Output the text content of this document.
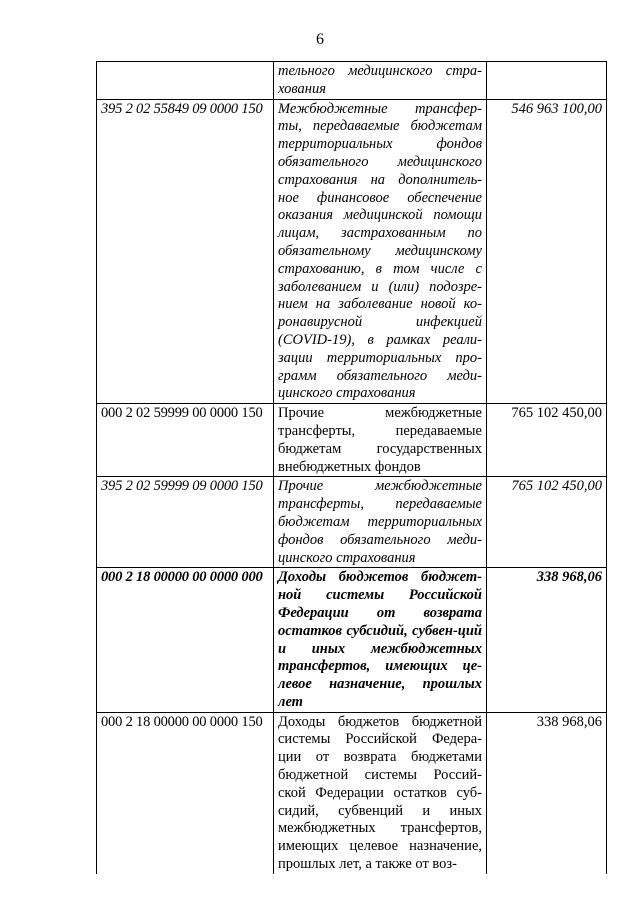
6
	тельного медицинского стра-хования	
395 2 02 55849 09 0000 150	Межбюджетные трансфер-ты, передаваемые бюджетам территориальных фондов обязательного медицинского страхования на дополнитель-ное финансовое обеспечение оказания медицинской помощи лицам, застрахованным по обязательному медицинскому страхованию, в том числе с заболеванием и (или) подозре-нием на заболевание новой ко-ронавирусной инфекцией (COVID-19), в рамках реали-зации территориальных про-грамм обязательного меди-цинского страхования	546 963 100,00
000 2 02 59999 00 0000 150	Прочие межбюджетные трансферты, передаваемые бюджетам государственных внебюджетных фондов	765 102 450,00
395 2 02 59999 09 0000 150	Прочие межбюджетные трансферты, передаваемые бюджетам территориальных фондов обязательного меди-цинского страхования	765 102 450,00
000 2 18 00000 00 0000 000	Доходы бюджетов бюджет-ной системы Российской Федерации от возврата остатков субсидий, субвен-ций и иных межбюджетных трансфертов, имеющих це-левое назначение, прошлых лет	338 968,06
000 2 18 00000 00 0000 150	Доходы бюджетов бюджетной системы Российской Федера-ции от возврата бюджетами бюджетной системы Россий-ской Федерации остатков суб-сидий, субвенций и иных межбюджетных трансфертов, имеющих целевое назначение, прошлых лет, а также от воз-	338 968,06
